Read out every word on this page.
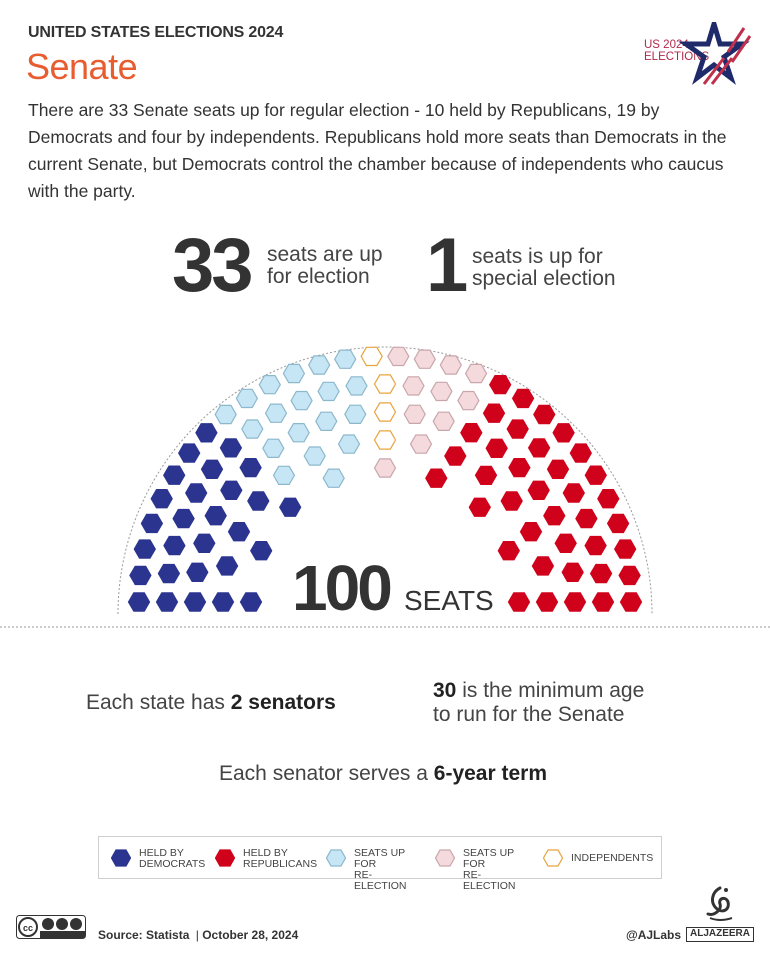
UNITED STATES ELECTIONS 2024
Senate
US 2024
ELECTIONS
There are 33 Senate seats up for regular election - 10 held by Republicans, 19 by Democrats and four by independents. Republicans hold more seats than Democrats in the current Senate, but Democrats control the chamber because of independents who caucus with the party.
33 seats are up
for election 1 seats is up for
special election
100 SEATS
Each state has 2 senators
30 is the minimum age
to run for the Senate
Each senator serves a 6-year term
HELD BY
DEMOCRATS
HELD BY
REPUBLICANS
SEATS UP FOR
RE-ELECTION
SEATS UP FOR
RE-ELECTION
INDEPENDENTS
cc	Source: Statista | October 28, 2024	@AJLabs ALJAZEERA
